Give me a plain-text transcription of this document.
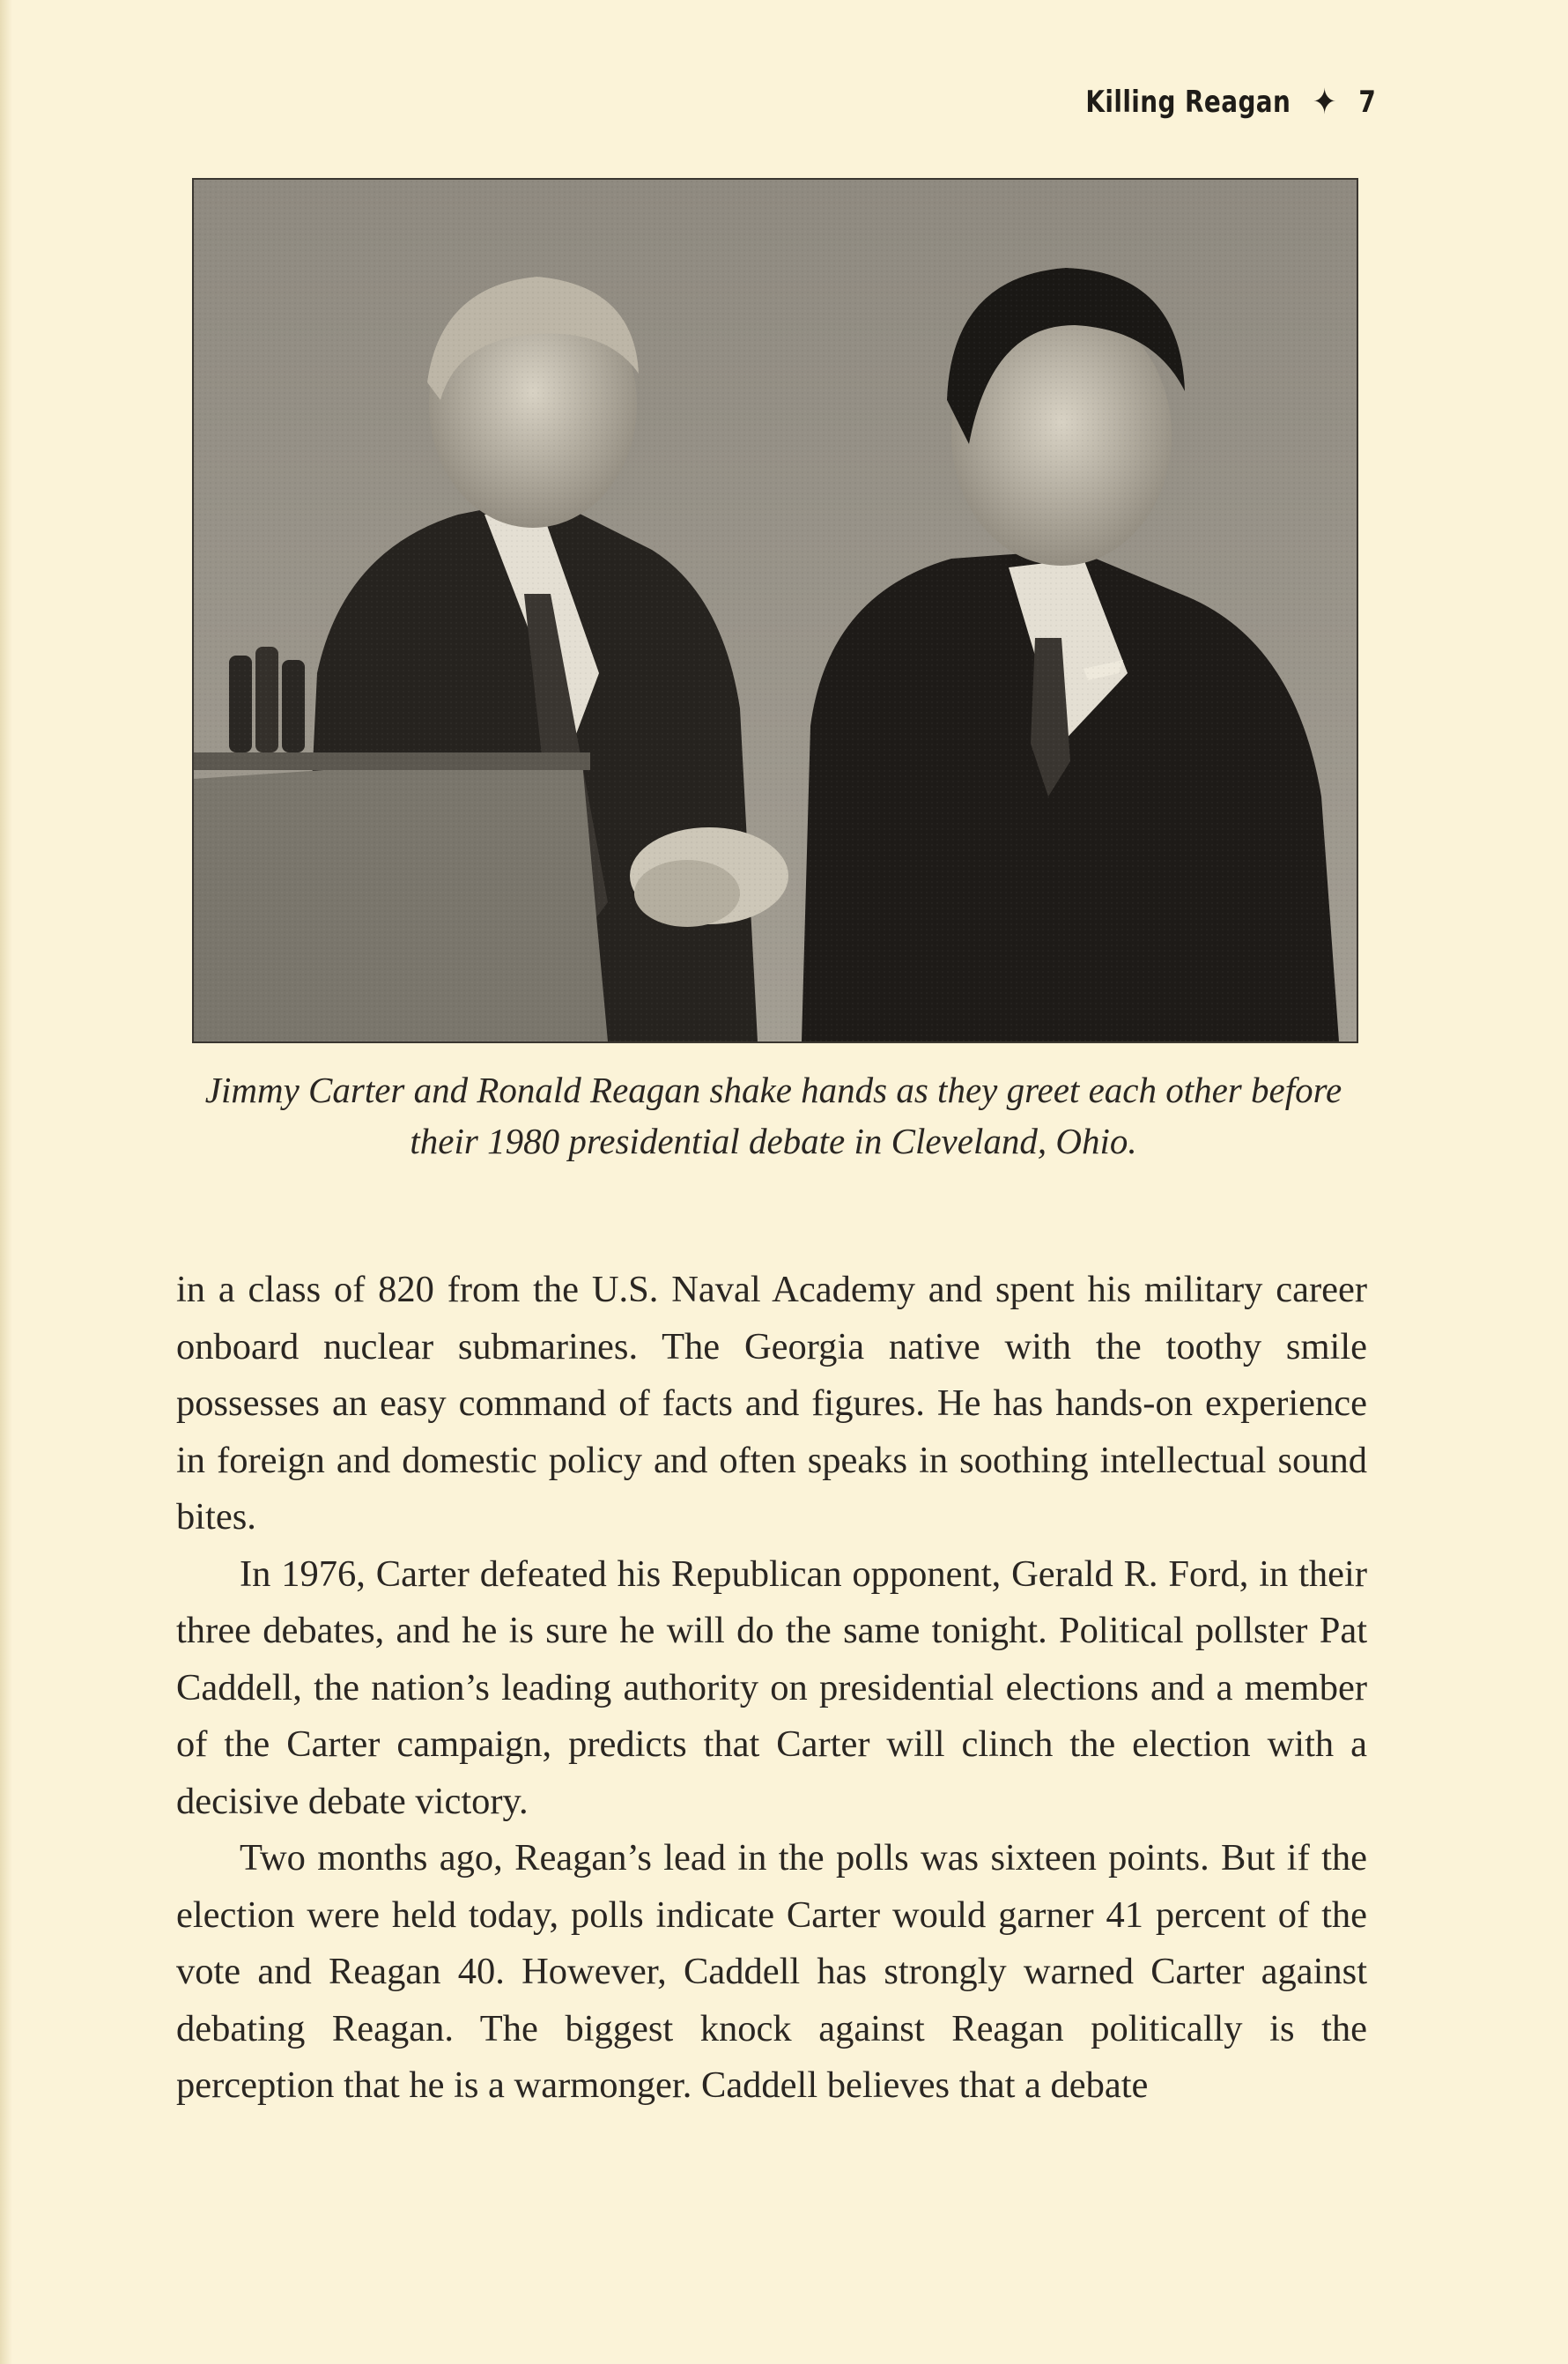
Killing Reagan ✦ 7
Jimmy Carter and Ronald Reagan shake hands as they greet each other before
their 1980 presidential debate in Cleveland, Ohio.

in a class of 820 from the U.S. Naval Academy and spent his military career onboard nuclear submarines. The Georgia native with the toothy smile possesses an easy command of facts and figures. He has hands-on experience in foreign and domestic policy and often speaks in soothing intellectual sound bites.

In 1976, Carter defeated his Republican opponent, Gerald R. Ford, in their three debates, and he is sure he will do the same tonight. Political pollster Pat Caddell, the nation’s leading authority on presidential elections and a member of the Carter campaign, predicts that Carter will clinch the election with a decisive debate victory.

Two months ago, Reagan’s lead in the polls was sixteen points. But if the election were held today, polls indicate Carter would garner 41 percent of the vote and Reagan 40. However, Caddell has strongly warned Carter against debating Reagan. The biggest knock against Reagan politically is the perception that he is a warmonger. Caddell believes that a debate
